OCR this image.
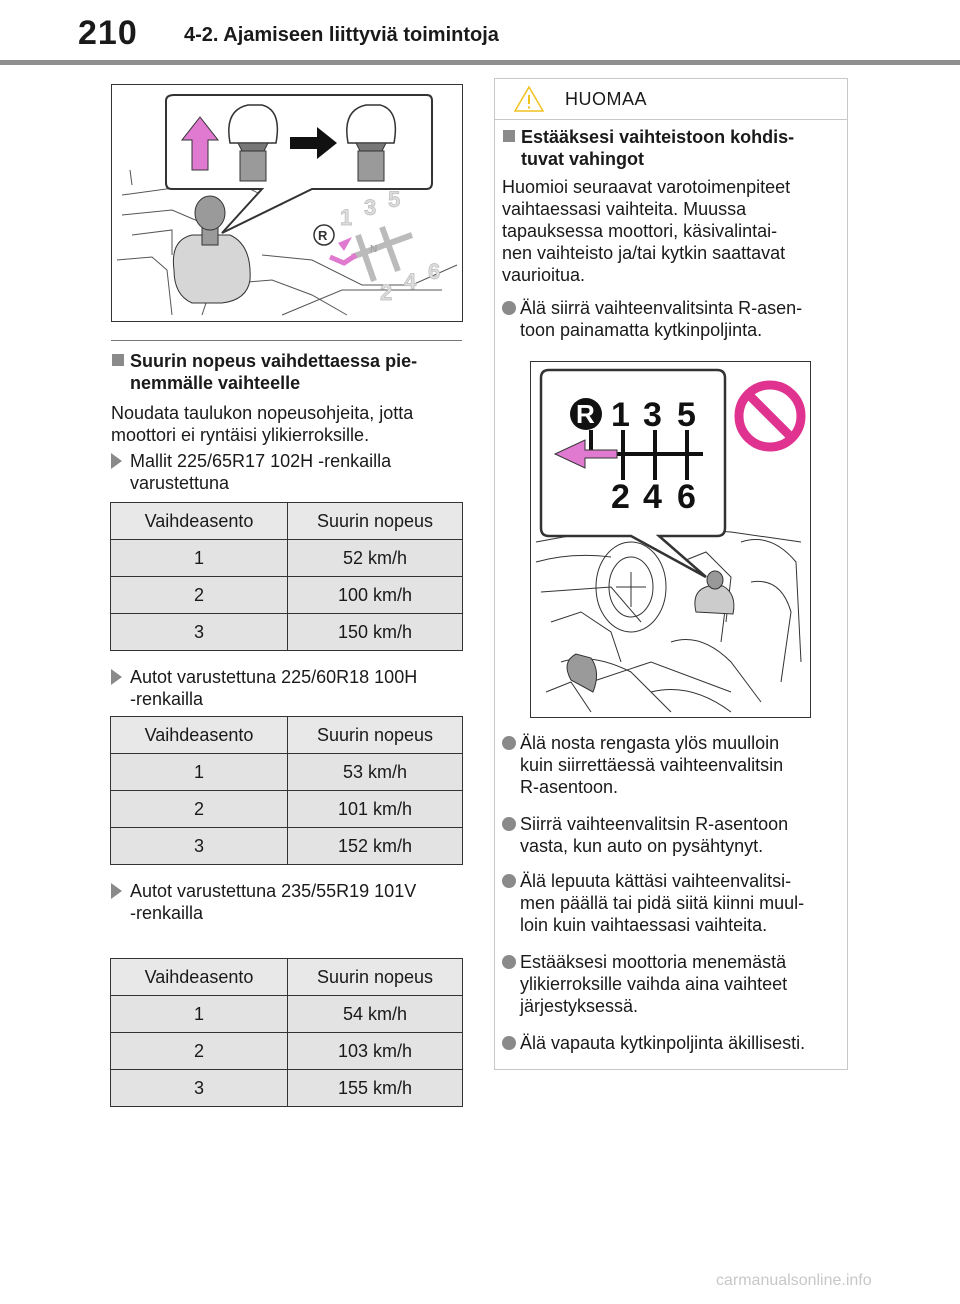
210 4-2. Ajamiseen liittyviä toimintoja
1 3 5
2 4 6
N
R
Suurin nopeus vaihdettaessa pie-
nemmälle vaihteelle
Noudata taulukon nopeusohjeita, jotta
moottori ei ryntäisi ylikierroksille.
Mallit 225/65R17 102H -renkailla
varustettuna
Vaihdeasento	Suurin nopeus
1	52 km/h
2	100 km/h
3	150 km/h
Autot varustettuna 225/60R18 100H
-renkailla
Vaihdeasento	Suurin nopeus
1	53 km/h
2	101 km/h
3	152 km/h
Autot varustettuna 235/55R19 101V
-renkailla
Vaihdeasento	Suurin nopeus
1	54 km/h
2	103 km/h
3	155 km/h
HUOMAA
Estääksesi vaihteistoon kohdis-
tuvat vahingot
Huomioi seuraavat varotoimenpiteet
vaihtaessasi vaihteita. Muussa
tapauksessa moottori, käsivalintai-
nen vaihteisto ja/tai kytkin saattavat
vaurioitua.
Älä siirrä vaihteenvalitsinta R-asen-
toon painamatta kytkinpoljinta.
R 1 3 5
2 4 6
Älä nosta rengasta ylös muulloin
kuin siirrettäessä vaihteenvalitsin
R-asentoon.
Siirrä vaihteenvalitsin R-asentoon
vasta, kun auto on pysähtynyt.
Älä lepuuta kättäsi vaihteenvalitsi-
men päällä tai pidä siitä kiinni muul-
loin kuin vaihtaessasi vaihteita.
Estääksesi moottoria menemästä
ylikierroksille vaihda aina vaihteet
järjestyksessä.
Älä vapauta kytkinpoljinta äkillisesti.
carmanualsonline.info
